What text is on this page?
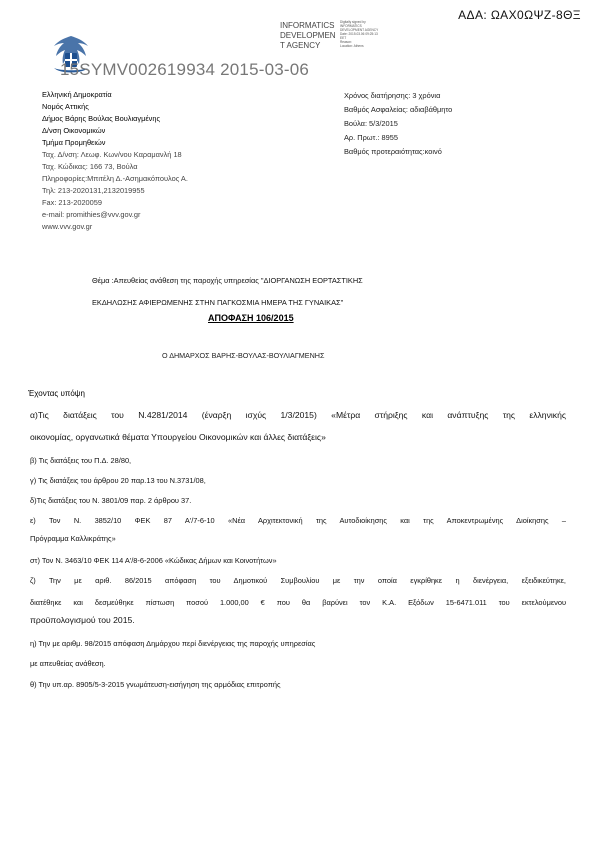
ΑΔΑ: ΩΑΧ0ΩΨΖ-8ΘΞ
INFORMATICS
DEVELOPMEN
T AGENCY
Digitally signed by
INFORMATICS
DEVELOPMENT AGENCY
Date: 2015.03.06 09:25:13
EET
Reason:
Location: Athens
15SYMV002619934 2015-03-06
Ελληνική Δημοκρατία
Νομός Αττικής
Δήμος Βάρης Βούλας Βουλιαγμένης
Δ/νση Οικονομικών
Τμήμα Προμηθειών
Ταχ. Δ/νση: Λεωφ. Κων/νου Καραμανλή 18
Ταχ. Κώδικας: 166 73, Βούλα
Πληροφορίες:Μπιτέλη Δ.-Ασημακόπουλος Α.
Τηλ: 213-2020131,2132019955
Fax: 213-2020059
e-mail: promithies@vvv.gov.gr
www.vvv.gov.gr
Χρόνος διατήρησης: 3 χρόνια
Βαθμός Ασφαλείας: αδιαβάθμητο
Βούλα: 5/3/2015
Αρ. Πρωτ.: 8955
Βαθμός προτεραιότητας:κοινό
Θέμα :Απευθείας ανάθεση της παροχής υπηρεσίας "ΔΙΟΡΓΑΝΩΣΗ ΕΟΡΤΑΣΤΙΚΗΣ
ΕΚΔΗΛΩΣΗΣ ΑΦΙΕΡΩΜΕΝΗΣ ΣΤΗΝ ΠΑΓΚΟΣΜΙΑ ΗΜΕΡΑ ΤΗΣ ΓΥΝΑΙΚΑΣ"
ΑΠΟΦΑΣΗ 106/2015
Ο ΔΗΜΑΡΧΟΣ ΒΑΡΗΣ-ΒΟΥΛΑΣ-ΒΟΥΛΙΑΓΜΕΝΗΣ
Έχοντας υπόψη
α)Τις διατάξεις του Ν.4281/2014 (έναρξη ισχύς 1/3/2015) «Μέτρα στήριξης και ανάπτυξης της ελληνικής
οικονομίας, οργανωτικά θέματα Υπουργείου Οικονομικών και άλλες διατάξεις»
β) Τις διατάξεις του Π.Δ. 28/80,
γ) Τις διατάξεις του άρθρου 20 παρ.13 του Ν.3731/08,
δ)Τις διατάξεις του Ν. 3801/09 παρ. 2 άρθρου 37.
ε) Τον Ν. 3852/10 ΦΕΚ 87 Α'/7-6-10 «Νέα Αρχιτεκτονική της Αυτοδιοίκησης και της Αποκεντρωμένης Διοίκησης –
Πρόγραμμα Καλλικράτης»
στ) Τον Ν. 3463/10 ΦΕΚ 114 Α'/8-6-2006 «Κώδικας Δήμων και Κοινοτήτων»
ζ) Την με αριθ. 86/2015 απόφαση του Δημοτικού Συμβουλίου με την οποία εγκρίθηκε η διενέργεια, εξειδικεύτηκε,
διατέθηκε και δεσμεύθηκε πίστωση ποσού 1.000,00 € που θα βαρύνει τον Κ.Α. Εξόδων 15-6471.011 του εκτελούμενου
προϋπολογισμού του 2015.
η) Την με αριθμ. 98/2015 απόφαση Δημάρχου περί διενέργειας της παροχής υπηρεσίας
με απευθείας ανάθεση.
θ) Την υπ.αρ. 8905/5-3-2015 γνωμάτευση-εισήγηση της αρμόδιας επιτροπής
